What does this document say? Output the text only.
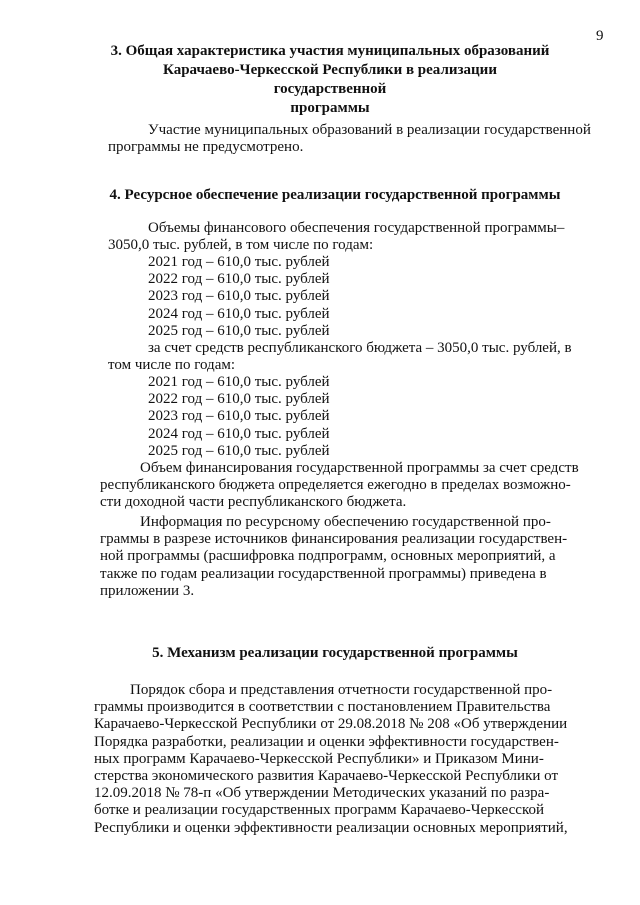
9
3. Общая характеристика участия муниципальных образований
Карачаево-Черкесской Республики в реализации государственной
программы
Участие муниципальных образований в реализации государственной
программы не предусмотрено.
4. Ресурсное обеспечение реализации государственной программы
Объемы финансового обеспечения государственной программы–
3050,0 тыс. рублей, в том числе по годам:
2021 год – 610,0 тыс. рублей
2022 год – 610,0 тыс. рублей
2023 год – 610,0 тыс. рублей
2024 год – 610,0 тыс. рублей
2025 год – 610,0 тыс. рублей
за счет средств республиканского бюджета – 3050,0 тыс. рублей, в
том числе по годам:
2021 год – 610,0 тыс. рублей
2022 год – 610,0 тыс. рублей
2023 год – 610,0 тыс. рублей
2024 год – 610,0 тыс. рублей
2025 год – 610,0 тыс. рублей
Объем финансирования государственной программы за счет средств
республиканского бюджета определяется ежегодно в пределах возможно-
сти доходной части республиканского бюджета.
Информация по ресурсному обеспечению государственной про-
граммы в разрезе источников финансирования реализации государствен-
ной программы (расшифровка подпрограмм, основных мероприятий, а
также по годам реализации государственной программы) приведена в
приложении 3.
5. Механизм реализации государственной программы
Порядок сбора и представления отчетности государственной про-
граммы производится в соответствии с постановлением Правительства
Карачаево-Черкесской Республики от 29.08.2018 № 208 «Об утверждении
Порядка разработки, реализации и оценки эффективности государствен-
ных программ Карачаево-Черкесской Республики» и Приказом Мини-
стерства экономического развития Карачаево-Черкесской Республики от
12.09.2018 № 78-п «Об утверждении Методических указаний по разра-
ботке и реализации государственных программ Карачаево-Черкесской
Республики и оценки эффективности реализации основных мероприятий,
